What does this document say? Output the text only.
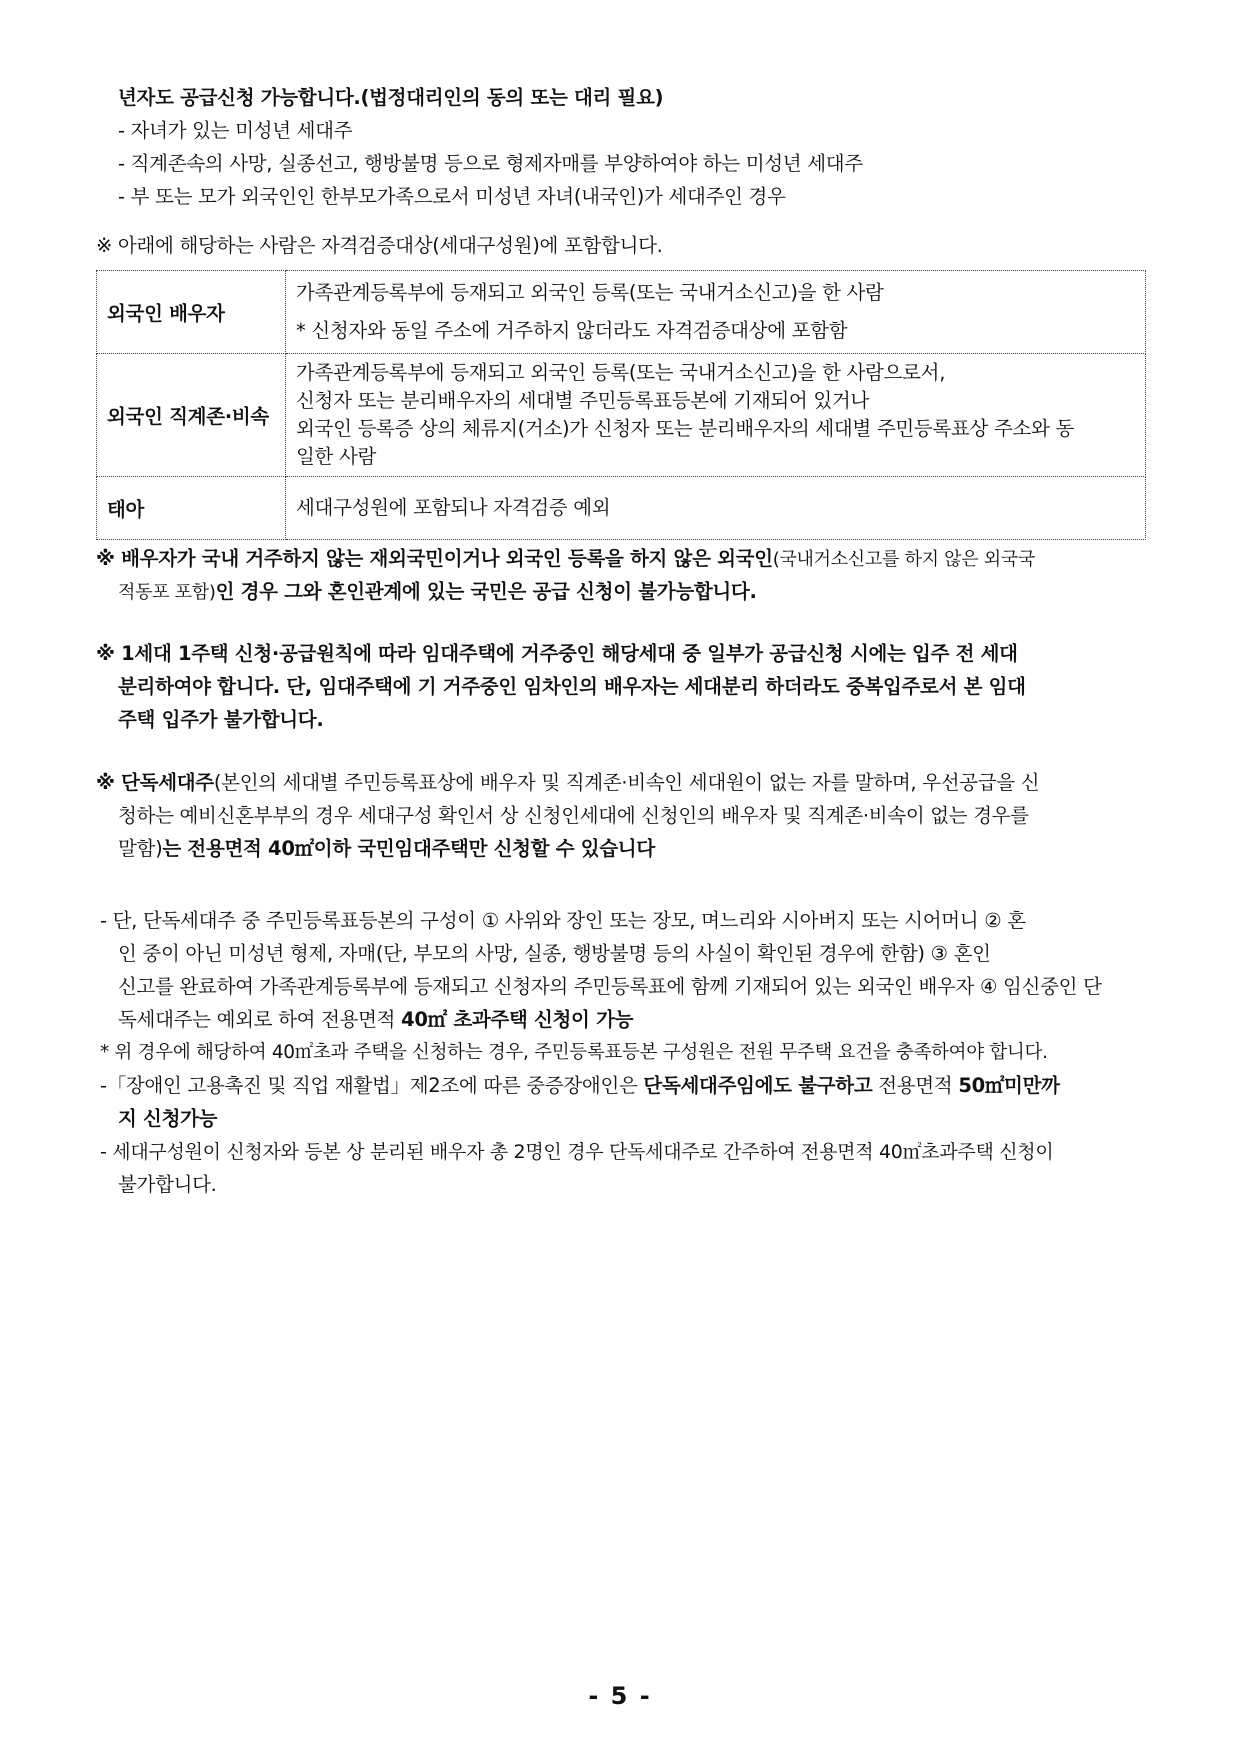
년자도 공급신청 가능합니다.(법정대리인의 동의 또는 대리 필요)
- 자녀가 있는 미성년 세대주
- 직계존속의 사망, 실종선고, 행방불명 등으로 형제자매를 부양하여야 하는 미성년 세대주
- 부 또는 모가 외국인인 한부모가족으로서 미성년 자녀(내국인)가 세대주인 경우
※ 아래에 해당하는 사람은 자격검증대상(세대구성원)에 포함합니다.
외국인 배우자	가족관계등록부에 등재되고 외국인 등록(또는 국내거소신고)을 한 사람
* 신청자와 동일 주소에 거주하지 않더라도 자격검증대상에 포함함

외국인 직계존·비속	가족관계등록부에 등재되고 외국인 등록(또는 국내거소신고)을 한 사람으로서,
신청자 또는 분리배우자의 세대별 주민등록표등본에 기재되어 있거나
외국인 등록증 상의 체류지(거소)가 신청자 또는 분리배우자의 세대별 주민등록표상 주소와 동
일한 사람

태아	세대구성원에 포함되나 자격검증 예외
※ 배우자가 국내 거주하지 않는 재외국민이거나 외국인 등록을 하지 않은 외국인(국내거소신고를 하지 않은 외국국
적동포 포함)인 경우 그와 혼인관계에 있는 국민은 공급 신청이 불가능합니다.
※ 1세대 1주택 신청·공급원칙에 따라 임대주택에 거주중인 해당세대 중 일부가 공급신청 시에는 입주 전 세대
분리하여야 합니다. 단, 임대주택에 기 거주중인 임차인의 배우자는 세대분리 하더라도 중복입주로서 본 임대
주택 입주가 불가합니다.
※ 단독세대주(본인의 세대별 주민등록표상에 배우자 및 직계존·비속인 세대원이 없는 자를 말하며, 우선공급을 신
청하는 예비신혼부부의 경우 세대구성 확인서 상 신청인세대에 신청인의 배우자 및 직계존·비속이 없는 경우를
말함)는 전용면적 40㎡이하 국민임대주택만 신청할 수 있습니다
- 단, 단독세대주 중 주민등록표등본의 구성이 ① 사위와 장인 또는 장모, 며느리와 시아버지 또는 시어머니 ② 혼
인 중이 아닌 미성년 형제, 자매(단, 부모의 사망, 실종, 행방불명 등의 사실이 확인된 경우에 한함) ③ 혼인
신고를 완료하여 가족관계등록부에 등재되고 신청자의 주민등록표에 함께 기재되어 있는 외국인 배우자 ④ 임신중인 단
독세대주는 예외로 하여 전용면적 40㎡ 초과주택 신청이 가능
* 위 경우에 해당하여 40㎡초과 주택을 신청하는 경우, 주민등록표등본 구성원은 전원 무주택 요건을 충족하여야 합니다.
-「장애인 고용촉진 및 직업 재활법」제2조에 따른 중증장애인은 단독세대주임에도 불구하고 전용면적 50㎡미만까
지 신청가능
- 세대구성원이 신청자와 등본 상 분리된 배우자 총 2명인 경우 단독세대주로 간주하여 전용면적 40㎡초과주택 신청이
불가합니다.
- 5 -
